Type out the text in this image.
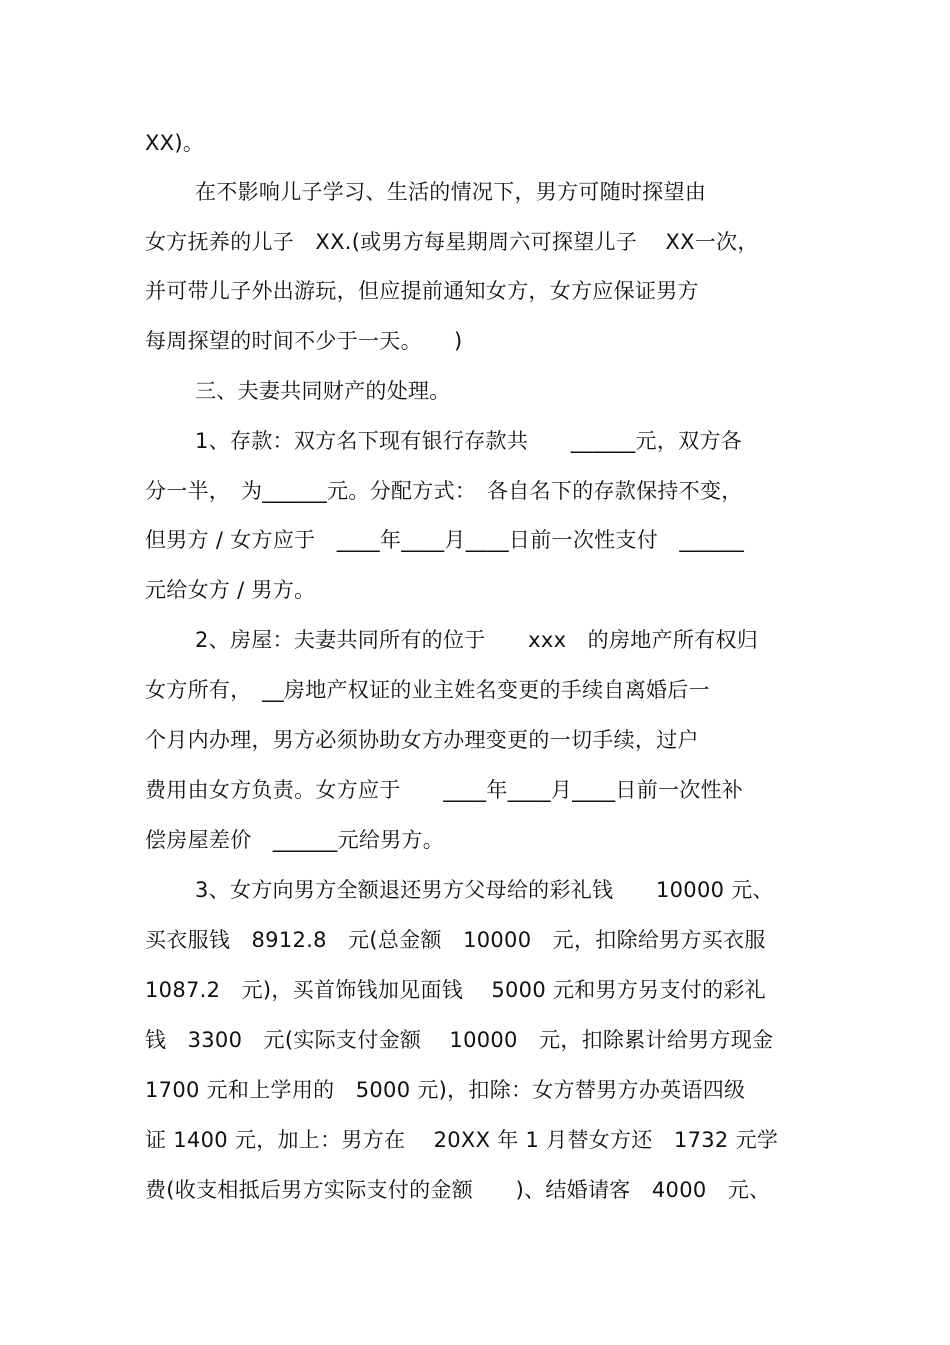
XX)。
在不影响儿子学习、生活的情况下，男方可随时探望由
女方抚养的儿子　XX.(或男方每星期周六可探望儿子　 XX一次，
并可带儿子外出游玩，但应提前通知女方，女方应保证男方
每周探望的时间不少于一天。　　)
三、夫妻共同财产的处理。
1、存款：双方名下现有银行存款共　　______元，双方各
分一半，　为______元。分配方式：　各自名下的存款保持不变，
但男方 / 女方应于　____年____月____日前一次性支付　______
元给女方 / 男方。
2、房屋：夫妻共同所有的位于　　xxx　的房地产所有权归
女方所有，　__房地产权证的业主姓名变更的手续自离婚后一
个月内办理，男方必须协助女方办理变更的一切手续，过户
费用由女方负责。女方应于　　____年____月____日前一次性补
偿房屋差价　______元给男方。
3、女方向男方全额退还男方父母给的彩礼钱　　10000 元、
买衣服钱　8912.8　元(总金额　10000　元，扣除给男方买衣服
1087.2　元)，买首饰钱加见面钱　 5000 元和男方另支付的彩礼
钱　3300　元(实际支付金额　 10000　元，扣除累计给男方现金
1700 元和上学用的　5000 元)，扣除：女方替男方办英语四级
证 1400 元，加上：男方在　 20XX 年 1 月替女方还　1732 元学
费(收支相抵后男方实际支付的金额　　)、结婚请客　4000　元、
